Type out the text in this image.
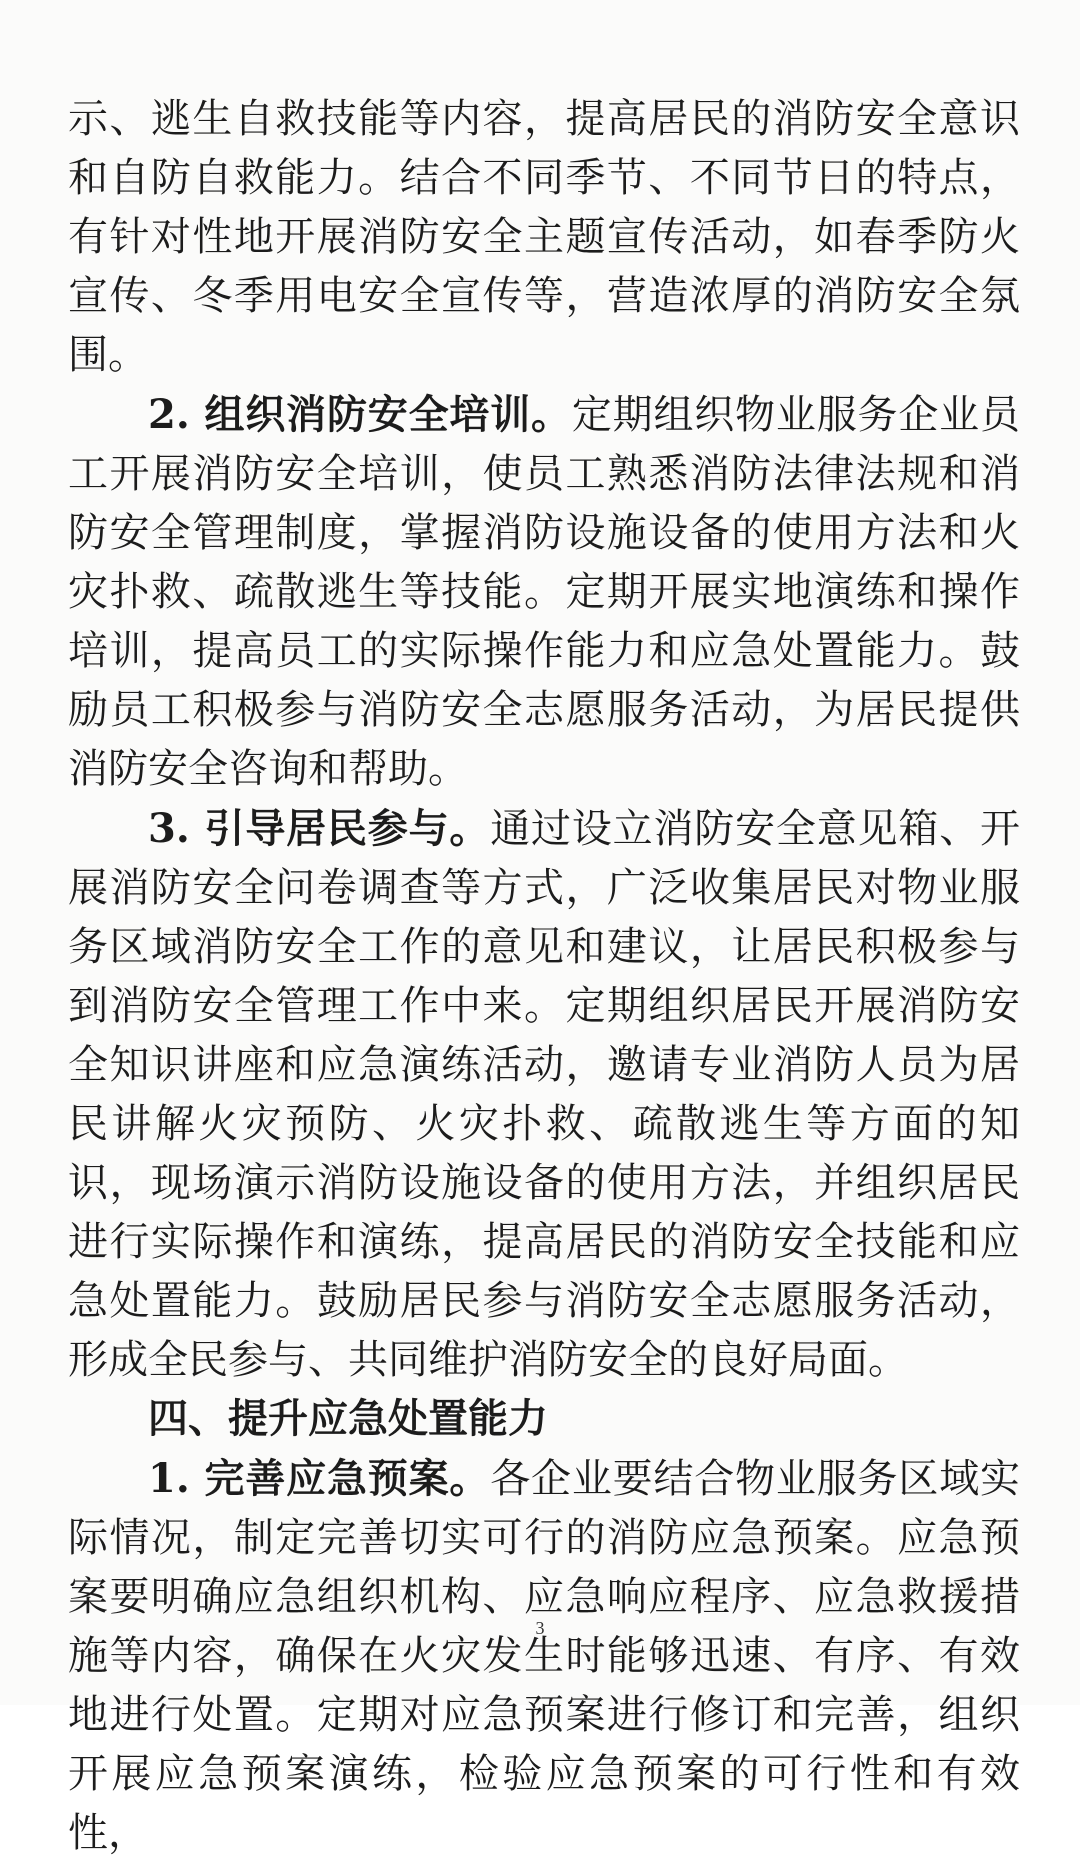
示、逃生自救技能等内容，提高居民的消防安全意识和自防自救能力。结合不同季节、不同节日的特点，有针对性地开展消防安全主题宣传活动，如春季防火宣传、冬季用电安全宣传等，营造浓厚的消防安全氛围。

2. 组织消防安全培训。定期组织物业服务企业员工开展消防安全培训，使员工熟悉消防法律法规和消防安全管理制度，掌握消防设施设备的使用方法和火灾扑救、疏散逃生等技能。定期开展实地演练和操作培训，提高员工的实际操作能力和应急处置能力。鼓励员工积极参与消防安全志愿服务活动，为居民提供消防安全咨询和帮助。

3. 引导居民参与。通过设立消防安全意见箱、开展消防安全问卷调查等方式，广泛收集居民对物业服务区域消防安全工作的意见和建议，让居民积极参与到消防安全管理工作中来。定期组织居民开展消防安全知识讲座和应急演练活动，邀请专业消防人员为居民讲解火灾预防、火灾扑救、疏散逃生等方面的知识，现场演示消防设施设备的使用方法，并组织居民进行实际操作和演练，提高居民的消防安全技能和应急处置能力。鼓励居民参与消防安全志愿服务活动，形成全民参与、共同维护消防安全的良好局面。

四、提升应急处置能力

1. 完善应急预案。各企业要结合物业服务区域实际情况，制定完善切实可行的消防应急预案。应急预案要明确应急组织机构、应急响应程序、应急救援措施等内容，确保在火灾发生时能够迅速、有序、有效地进行处置。定期对应急预案进行修订和完善，组织开展应急预案演练，检验应急预案的可行性和有效性，

3
